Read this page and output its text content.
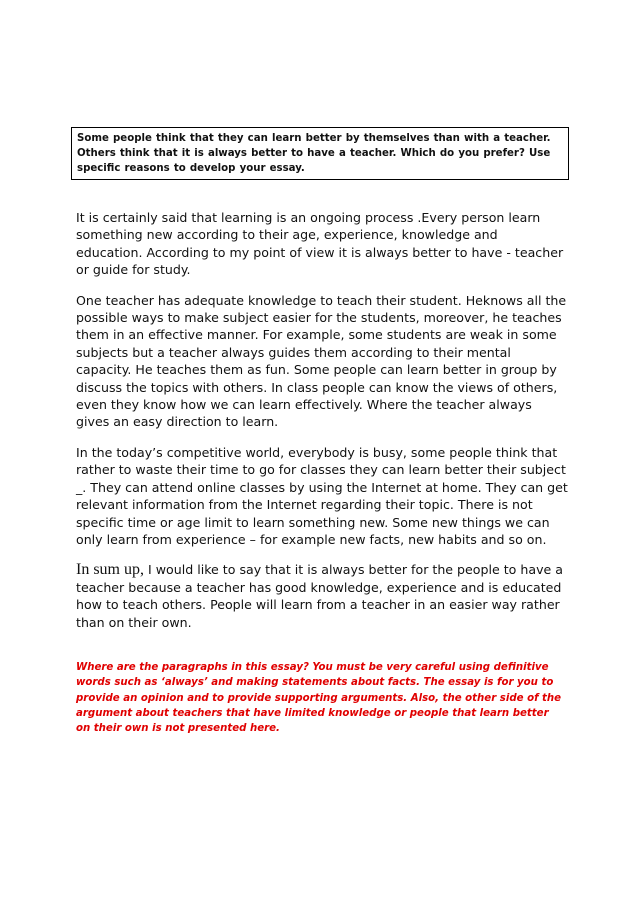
Some people think that they can learn better by themselves than with a teacher. Others think that it is always better to have a teacher. Which do you prefer? Use specific reasons to develop your essay.

It is certainly said that learning is an ongoing process .Every person learn something new according to their age, experience, knowledge and education. According to my point of view it is always better to have - teacher or guide for study.

One teacher has adequate knowledge to teach their student. Heknows all the possible ways to make subject easier for the students, moreover, he teaches them in an effective manner. For example, some students are weak in some subjects but a teacher always guides them according to their mental capacity. He teaches them as fun. Some people can learn better in group by discuss the topics with others. In class people can know the views of others, even they know how we can learn effectively. Where the teacher always gives an easy direction to learn.

In the today’s competitive world, everybody is busy, some people think that rather to waste their time to go for classes they can learn better their subject _. They can attend online classes by using the Internet at home. They can get relevant information from the Internet regarding their topic. There is not specific time or age limit to learn something new. Some new things we can only learn from experience – for example new facts, new habits and so on.

In sum up, I would like to say that it is always better for the people to have a teacher because a teacher has good knowledge, experience and is educated how to teach others. People will learn from a teacher in an easier way rather than on their own.

Where are the paragraphs in this essay? You must be very careful using definitive words such as ‘always’ and making statements about facts. The essay is for you to provide an opinion and to provide supporting arguments. Also, the other side of the argument about teachers that have limited knowledge or people that learn better on their own is not presented here.
